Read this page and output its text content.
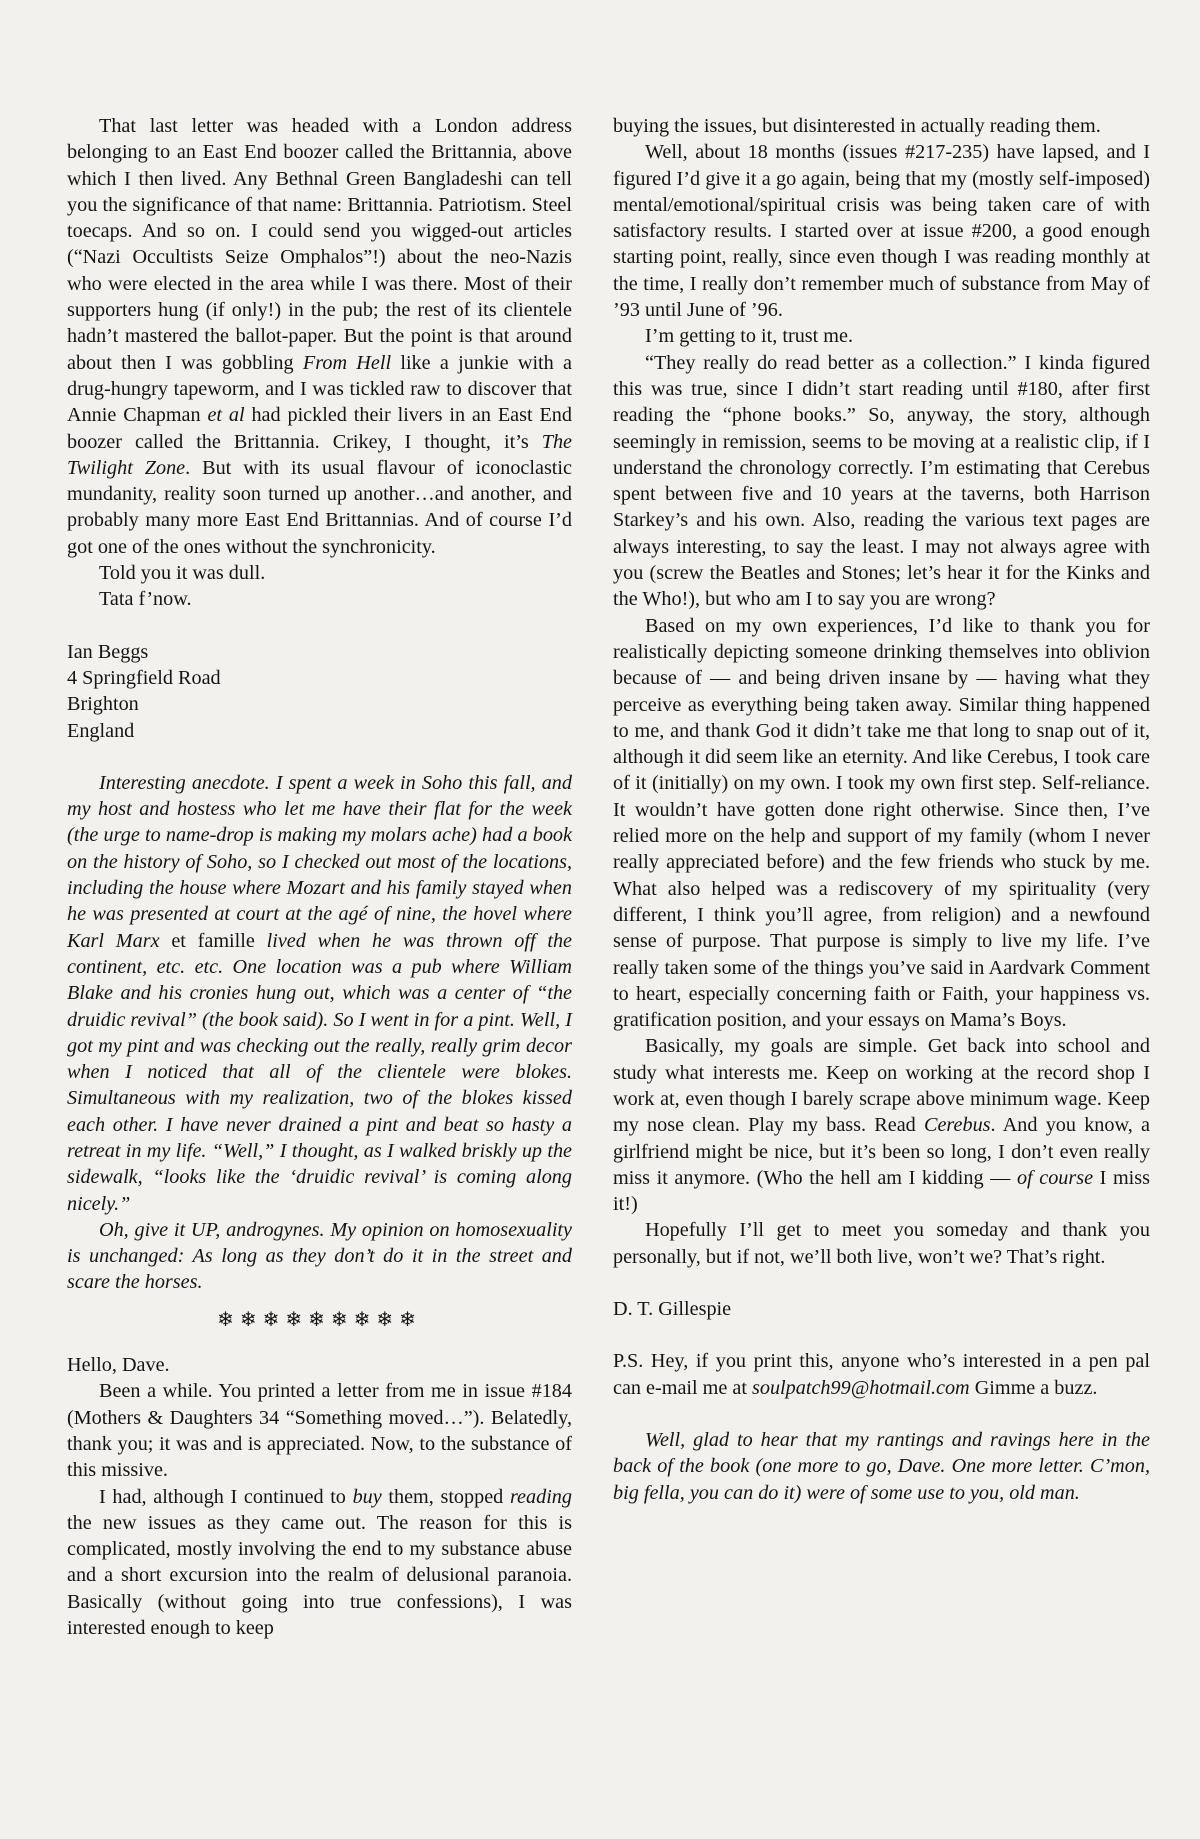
That last letter was headed with a London address belonging to an East End boozer called the Brittannia, above which I then lived. Any Bethnal Green Bangladeshi can tell you the significance of that name: Brittannia. Patriotism. Steel toecaps. And so on. I could send you wigged-out articles (“Nazi Occultists Seize Omphalos”!) about the neo-Nazis who were elected in the area while I was there. Most of their supporters hung (if only!) in the pub; the rest of its clientele hadn’t mastered the ballot-paper. But the point is that around about then I was gobbling From Hell like a junkie with a drug-hungry tapeworm, and I was tickled raw to discover that Annie Chapman et al had pickled their livers in an East End boozer called the Brittannia. Crikey, I thought, it’s The Twilight Zone. But with its usual flavour of iconoclastic mundanity, reality soon turned up another…and another, and probably many more East End Brittannias. And of course I’d got one of the ones without the synchronicity.

Told you it was dull.

Tata f’now.

Ian Beggs

4 Springfield Road

Brighton

England

Interesting anecdote. I spent a week in Soho this fall, and my host and hostess who let me have their flat for the week (the urge to name-drop is making my molars ache) had a book on the history of Soho, so I checked out most of the locations, including the house where Mozart and his family stayed when he was presented at court at the agé of nine, the hovel where Karl Marx et famille lived when he was thrown off the continent, etc. etc. One location was a pub where William Blake and his cronies hung out, which was a center of “the druidic revival” (the book said). So I went in for a pint. Well, I got my pint and was checking out the really, really grim decor when I noticed that all of the clientele were blokes. Simultaneous with my realization, two of the blokes kissed each other. I have never drained a pint and beat so hasty a retreat in my life. “Well,” I thought, as I walked briskly up the sidewalk, “looks like the ‘druidic revival’ is coming along nicely.”

Oh, give it UP, androgynes. My opinion on homosexuality is unchanged: As long as they don’t do it in the street and scare the horses.

❄❄❄❄❄❄❄❄❄

Hello, Dave.

Been a while. You printed a letter from me in issue #184 (Mothers & Daughters 34 “Something moved…”). Belatedly, thank you; it was and is appreciated. Now, to the substance of this missive.

I had, although I continued to buy them, stopped reading the new issues as they came out. The reason for this is complicated, mostly involving the end to my substance abuse and a short excursion into the realm of delusional paranoia. Basically (without going into true confessions), I was interested enough to keep

buying the issues, but disinterested in actually reading them.

Well, about 18 months (issues #217-235) have lapsed, and I figured I’d give it a go again, being that my (mostly self-imposed) mental/emotional/spiritual crisis was being taken care of with satisfactory results. I started over at issue #200, a good enough starting point, really, since even though I was reading monthly at the time, I really don’t remember much of substance from May of ’93 until June of ’96.

I’m getting to it, trust me.

“They really do read better as a collection.” I kinda figured this was true, since I didn’t start reading until #180, after first reading the “phone books.” So, anyway, the story, although seemingly in remission, seems to be moving at a realistic clip, if I understand the chronology correctly. I’m estimating that Cerebus spent between five and 10 years at the taverns, both Harrison Starkey’s and his own. Also, reading the various text pages are always interesting, to say the least. I may not always agree with you (screw the Beatles and Stones; let’s hear it for the Kinks and the Who!), but who am I to say you are wrong?

Based on my own experiences, I’d like to thank you for realistically depicting someone drinking themselves into oblivion because of — and being driven insane by — having what they perceive as everything being taken away. Similar thing happened to me, and thank God it didn’t take me that long to snap out of it, although it did seem like an eternity. And like Cerebus, I took care of it (initially) on my own. I took my own first step. Self-reliance. It wouldn’t have gotten done right otherwise. Since then, I’ve relied more on the help and support of my family (whom I never really appreciated before) and the few friends who stuck by me. What also helped was a rediscovery of my spirituality (very different, I think you’ll agree, from religion) and a newfound sense of purpose. That purpose is simply to live my life. I’ve really taken some of the things you’ve said in Aardvark Comment to heart, especially concerning faith or Faith, your happiness vs. gratification position, and your essays on Mama’s Boys.

Basically, my goals are simple. Get back into school and study what interests me. Keep on working at the record shop I work at, even though I barely scrape above minimum wage. Keep my nose clean. Play my bass. Read Cerebus. And you know, a girlfriend might be nice, but it’s been so long, I don’t even really miss it anymore. (Who the hell am I kidding — of course I miss it!)

Hopefully I’ll get to meet you someday and thank you personally, but if not, we’ll both live, won’t we? That’s right.

D. T. Gillespie

P.S. Hey, if you print this, anyone who’s interested in a pen pal can e-mail me at soulpatch99@hotmail.com Gimme a buzz.

Well, glad to hear that my rantings and ravings here in the back of the book (one more to go, Dave. One more letter. C’mon, big fella, you can do it) were of some use to you, old man.
